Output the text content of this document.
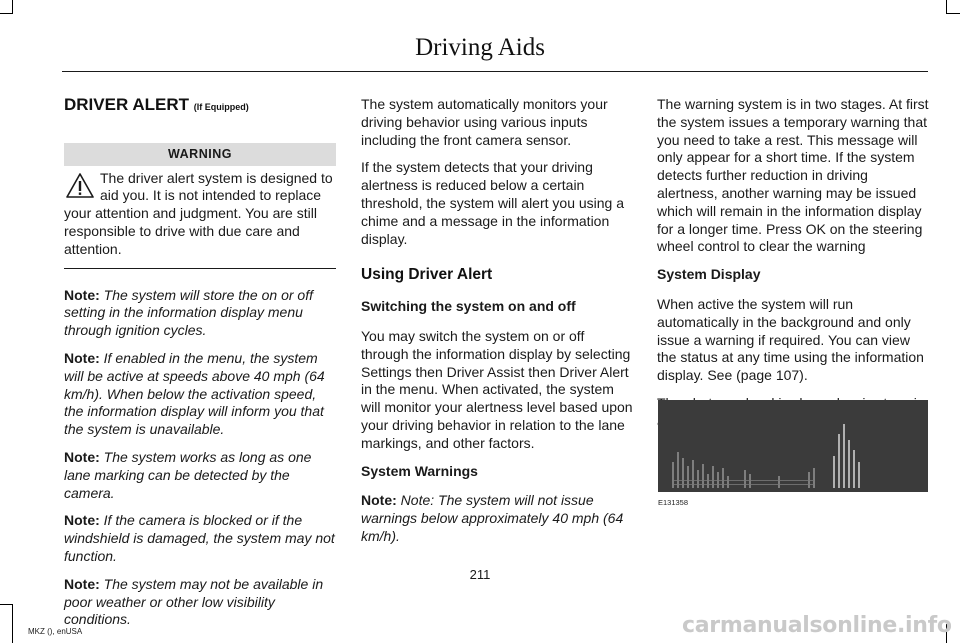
Driving Aids
DRIVER ALERT (If Equipped)
WARNING
The driver alert system is designed to aid you. It is not intended to replace your attention and judgment. You are still responsible to drive with due care and attention.

Note: The system will store the on or off setting in the information display menu through ignition cycles.

Note: If enabled in the menu, the system will be active at speeds above 40 mph (64 km/h). When below the activation speed, the information display will inform you that the system is unavailable.

Note: The system works as long as one lane marking can be detected by the camera.

Note: If the camera is blocked or if the windshield is damaged, the system may not function.

Note: The system may not be available in poor weather or other low visibility conditions.

The system automatically monitors your driving behavior using various inputs including the front camera sensor.

If the system detects that your driving alertness is reduced below a certain threshold, the system will alert you using a chime and a message in the information display.

Using Driver Alert

Switching the system on and off

You may switch the system on or off through the information display by selecting Settings then Driver Assist then Driver Alert in the menu. When activated, the system will monitor your alertness level based upon your driving behavior in relation to the lane markings, and other factors.

System Warnings

Note: Note: The system will not issue warnings below approximately 40 mph (64 km/h).

The warning system is in two stages. At first the system issues a temporary warning that you need to take a rest. This message will only appear for a short time. If the system detects further reduction in driving alertness, another warning may be issued which will remain in the information display for a longer time. Press OK on the steering wheel control to clear the warning

System Display

When active the system will run automatically in the background and only issue a warning if required. You can view the status at any time using the information display. See (page 107).

E131358
211
MKZ (), enUSA	carmanualsonline.info
